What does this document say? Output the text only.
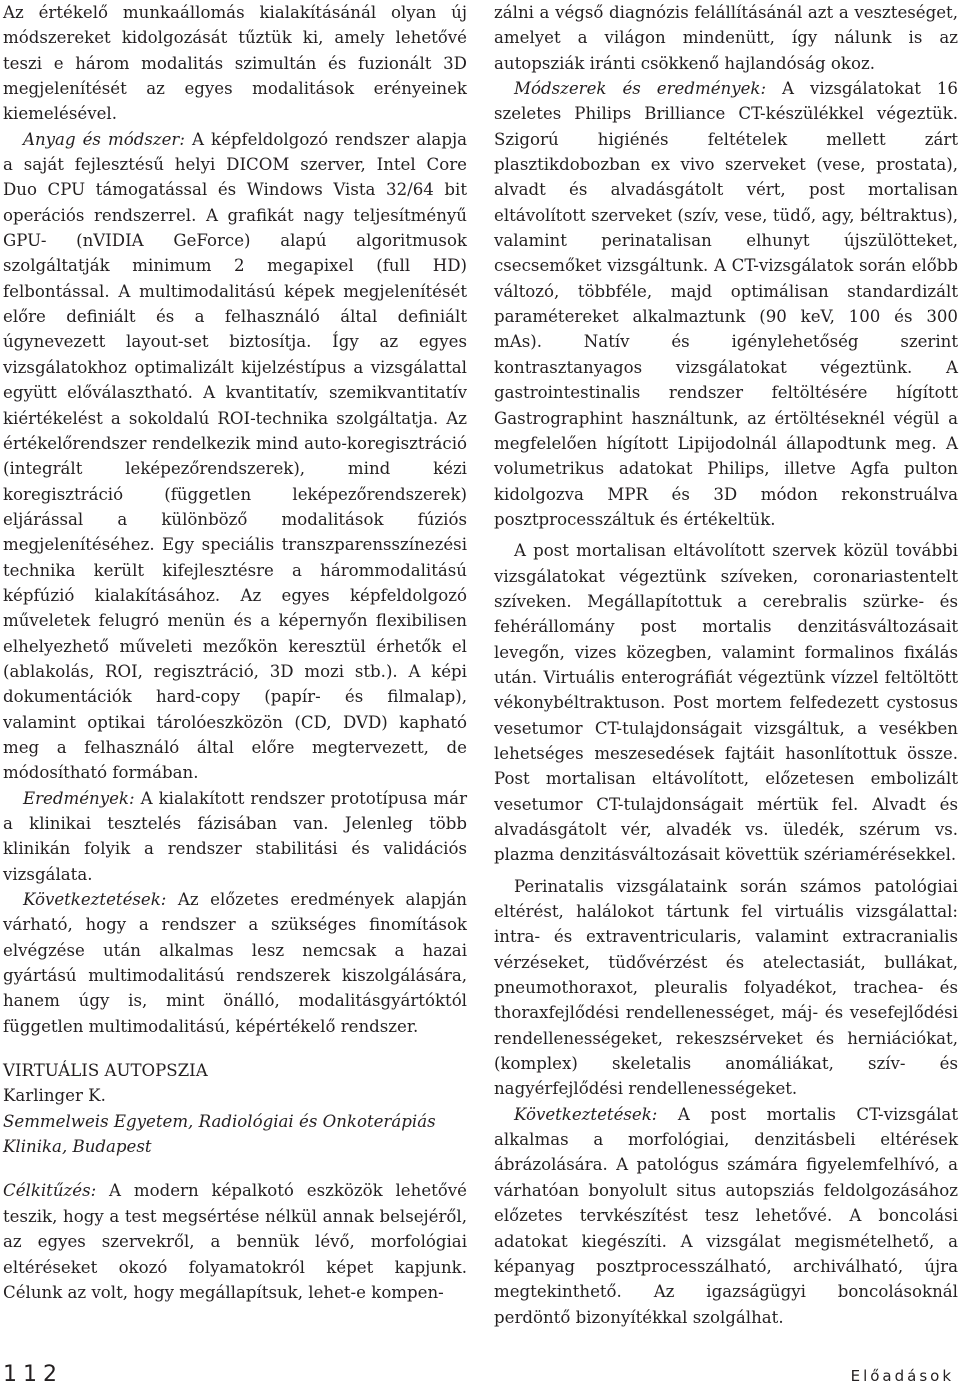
Az értékelő munkaállomás kialakításánál olyan új módszereket kidolgozását tűztük ki, amely lehetővé teszi e három modalitás szimultán és fuzionált 3D megjelenítését az egyes modalitások erényeinek kiemelésével.

Anyag és módszer: A képfeldolgozó rendszer alapja a saját fejlesztésű helyi DICOM szerver, Intel Core Duo CPU támogatással és Windows Vista 32/64 bit operációs rendszerrel. A grafikát nagy teljesítményű GPU- (nVIDIA GeForce) alapú algoritmusok szolgáltatják minimum 2 megapixel (full HD) felbontással. A multimodalitású képek megjelenítését előre definiált és a felhasználó által definiált úgynevezett layout-set biztosítja. Így az egyes vizsgálatokhoz optimalizált kijelzéstípus a vizsgálattal együtt előválasztható. A kvantitatív, szemikvantitatív kiértékelést a sokoldalú ROI-technika szolgáltatja. Az értékelőrendszer rendelkezik mind auto-koregisztráció (integrált leképezőrendszerek), mind kézi koregisztráció (független leképezőrendszerek) eljárással a különböző modalitások fúziós megjelenítéséhez. Egy speciális transzparensszínezési technika került kifejlesztésre a hárommodalitású képfúzió kialakításához. Az egyes képfeldolgozó műveletek felugró menün és a képernyőn flexibilisen elhelyezhető műveleti mezőkön keresztül érhetők el (ablakolás, ROI, regisztráció, 3D mozi stb.). A képi dokumentációk hard-copy (papír- és filmalap), valamint optikai tárolóeszközön (CD, DVD) kapható meg a felhasználó által előre megtervezett, de módosítható formában.

Eredmények: A kialakított rendszer prototípusa már a klinikai tesztelés fázisában van. Jelenleg több klinikán folyik a rendszer stabilitási és validációs vizsgálata.

Következtetések: Az előzetes eredmények alapján várható, hogy a rendszer a szükséges finomítások elvégzése után alkalmas lesz nemcsak a hazai gyártású multimodalitású rendszerek kiszolgálására, hanem úgy is, mint önálló, modalitásgyártóktól független multimodalitású, képértékelő rendszer.

VIRTUÁLIS AUTOPSZIA

Karlinger K.

Semmelweis Egyetem, Radiológiai és Onkoterápiás Klinika, Budapest

Célkitűzés: A modern képalkotó eszközök lehetővé teszik, hogy a test megsértése nélkül annak belsejéről, az egyes szervekről, a bennük lévő, morfológiai eltéréseket okozó folyamatokról képet kapjunk. Célunk az volt, hogy megállapítsuk, lehet-e kompen-

zálni a végső diagnózis felállításánál azt a veszteséget, amelyet a világon mindenütt, így nálunk is az autopsziák iránti csökkenő hajlandóság okoz.

Módszerek és eredmények: A vizsgálatokat 16 szeletes Philips Brilliance CT-készülékkel végeztük. Szigorú higiénés feltételek mellett zárt plasztikdobozban ex vivo szerveket (vese, prostata), alvadt és alvadásgátolt vért, post mortalisan eltávolított szerveket (szív, vese, tüdő, agy, béltraktus), valamint perinatalisan elhunyt újszülötteket, csecsemőket vizsgáltunk. A CT-vizsgálatok során előbb változó, többféle, majd optimálisan standardizált paramétereket alkalmaztunk (90 keV, 100 és 300 mAs). Natív és igénylehetőség szerint kontrasztanyagos vizsgálatokat végeztünk. A gastrointestinalis rendszer feltöltésére hígított Gastrographint használtunk, az értöltéseknél végül a megfelelően hígított Lipijodolnál állapodtunk meg. A volumetrikus adatokat Philips, illetve Agfa pulton kidolgozva MPR és 3D módon rekonstruálva posztprocesszáltuk és értékeltük.

A post mortalisan eltávolított szervek közül további vizsgálatokat végeztünk szíveken, coronariastentelt szíveken. Megállapítottuk a cerebralis szürke- és fehérállomány post mortalis denzitásváltozásait levegőn, vizes közegben, valamint formalinos fixálás után. Virtuális enterográfiát végeztünk vízzel feltöltött vékonybéltraktuson. Post mortem felfedezett cystosus vesetumor CT-tulajdonságait vizsgáltuk, a vesékben lehetséges meszesedések fajtáit hasonlítottuk össze. Post mortalisan eltávolított, előzetesen embolizált vesetumor CT-tulajdonságait mértük fel. Alvadt és alvadásgátolt vér, alvadék vs. üledék, szérum vs. plazma denzitásváltozásait követtük szériamérésekkel.

Perinatalis vizsgálataink során számos patológiai eltérést, halálokot tártunk fel virtuális vizsgálattal: intra- és extraventricularis, valamint extracranialis vérzéseket, tüdővérzést és atelectasiát, bullákat, pneumothoraxot, pleuralis folyadékot, trachea- és thoraxfejlődési rendellenességet, máj- és vesefejlődési rendellenességeket, rekeszsérveket és herniációkat, (komplex) skeletalis anomáliákat, szív- és nagyérfejlődési rendellenességeket.

Következtetések: A post mortalis CT-vizsgálat alkalmas a morfológiai, denzitásbeli eltérések ábrázolására. A patológus számára figyelemfelhívó, a várhatóan bonyolult situs autopsziás feldolgozásához előzetes tervkészítést tesz lehetővé. A boncolási adatokat kiegészíti. A vizsgálat megismételhető, a képanyag posztprocesszálható, archiválható, újra megtekinthető. Az igazságügyi boncolásoknál perdöntő bizonyítékkal szolgálhat.

112	Előadások
